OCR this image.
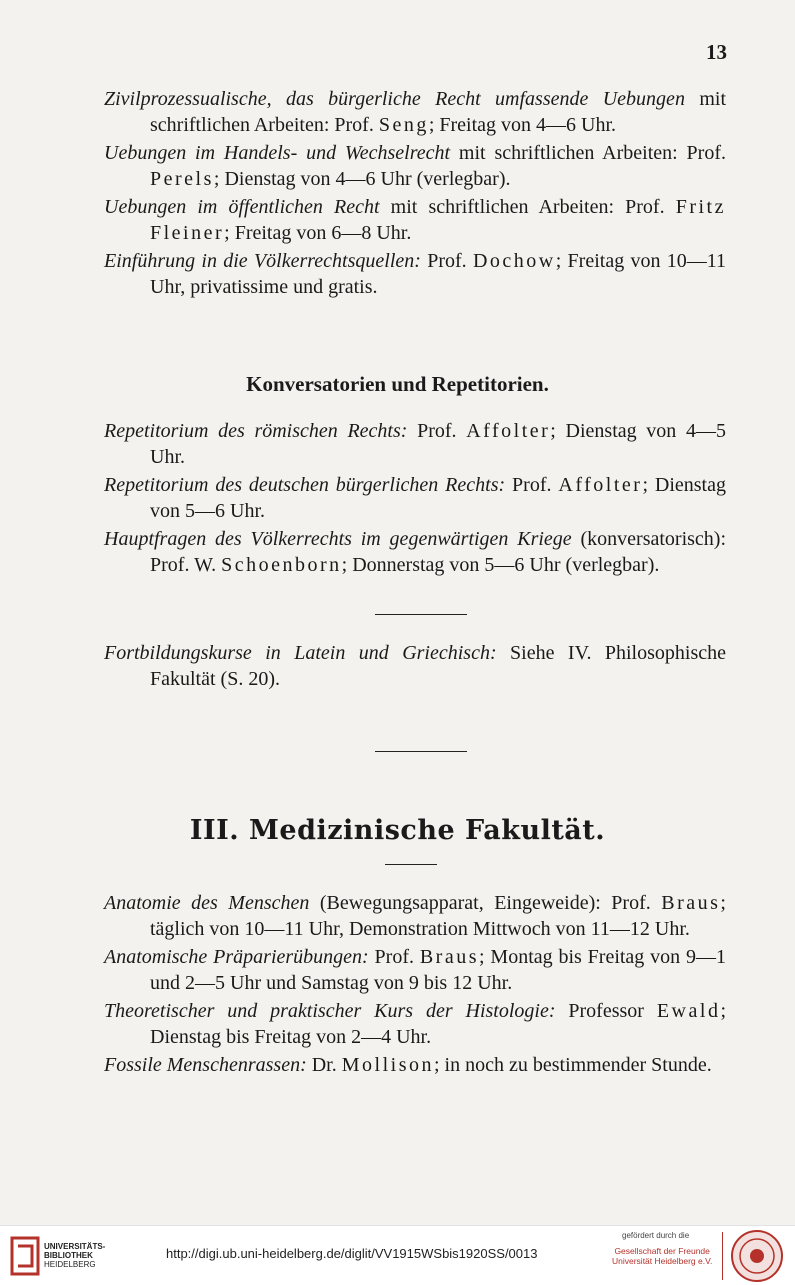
13

Zivilprozessualische, das bürgerliche Recht umfassende Uebungen mit schriftlichen Arbeiten: Prof. Seng; Freitag von 4—6 Uhr.

Uebungen im Handels- und Wechselrecht mit schriftlichen Arbeiten: Prof. Perels; Dienstag von 4—6 Uhr (verlegbar).

Uebungen im öffentlichen Recht mit schriftlichen Arbeiten: Prof. Fritz Fleiner; Freitag von 6—8 Uhr.

Einführung in die Völkerrechtsquellen: Prof. Dochow; Freitag von 10—11 Uhr, privatissime und gratis.

Konversatorien und Repetitorien.

Repetitorium des römischen Rechts: Prof. Affolter; Dienstag von 4—5 Uhr.

Repetitorium des deutschen bürgerlichen Rechts: Prof. Affolter; Dienstag von 5—6 Uhr.

Hauptfragen des Völkerrechts im gegenwärtigen Kriege (konversatorisch): Prof. W. Schoenborn; Donnerstag von 5—6 Uhr (verlegbar).

Fortbildungskurse in Latein und Griechisch: Siehe IV. Philosophische Fakultät (S. 20).

III. Medizinische Fakultät.

Anatomie des Menschen (Bewegungsapparat, Eingeweide): Prof. Braus; täglich von 10—11 Uhr, Demonstration Mittwoch von 11—12 Uhr.

Anatomische Präparierübungen: Prof. Braus; Montag bis Freitag von 9—1 und 2—5 Uhr und Samstag von 9 bis 12 Uhr.

Theoretischer und praktischer Kurs der Histologie: Professor Ewald; Dienstag bis Freitag von 2—4 Uhr.

Fossile Menschenrassen: Dr. Mollison; in noch zu bestimmender Stunde.

UNIVERSITÄTS-
BIBLIOTHEK
HEIDELBERG
http://digi.ub.uni-heidelberg.de/diglit/VV1915WSbis1920SS/0013
gefördert durch die
Gesellschaft der Freunde
Universität Heidelberg e.V.
